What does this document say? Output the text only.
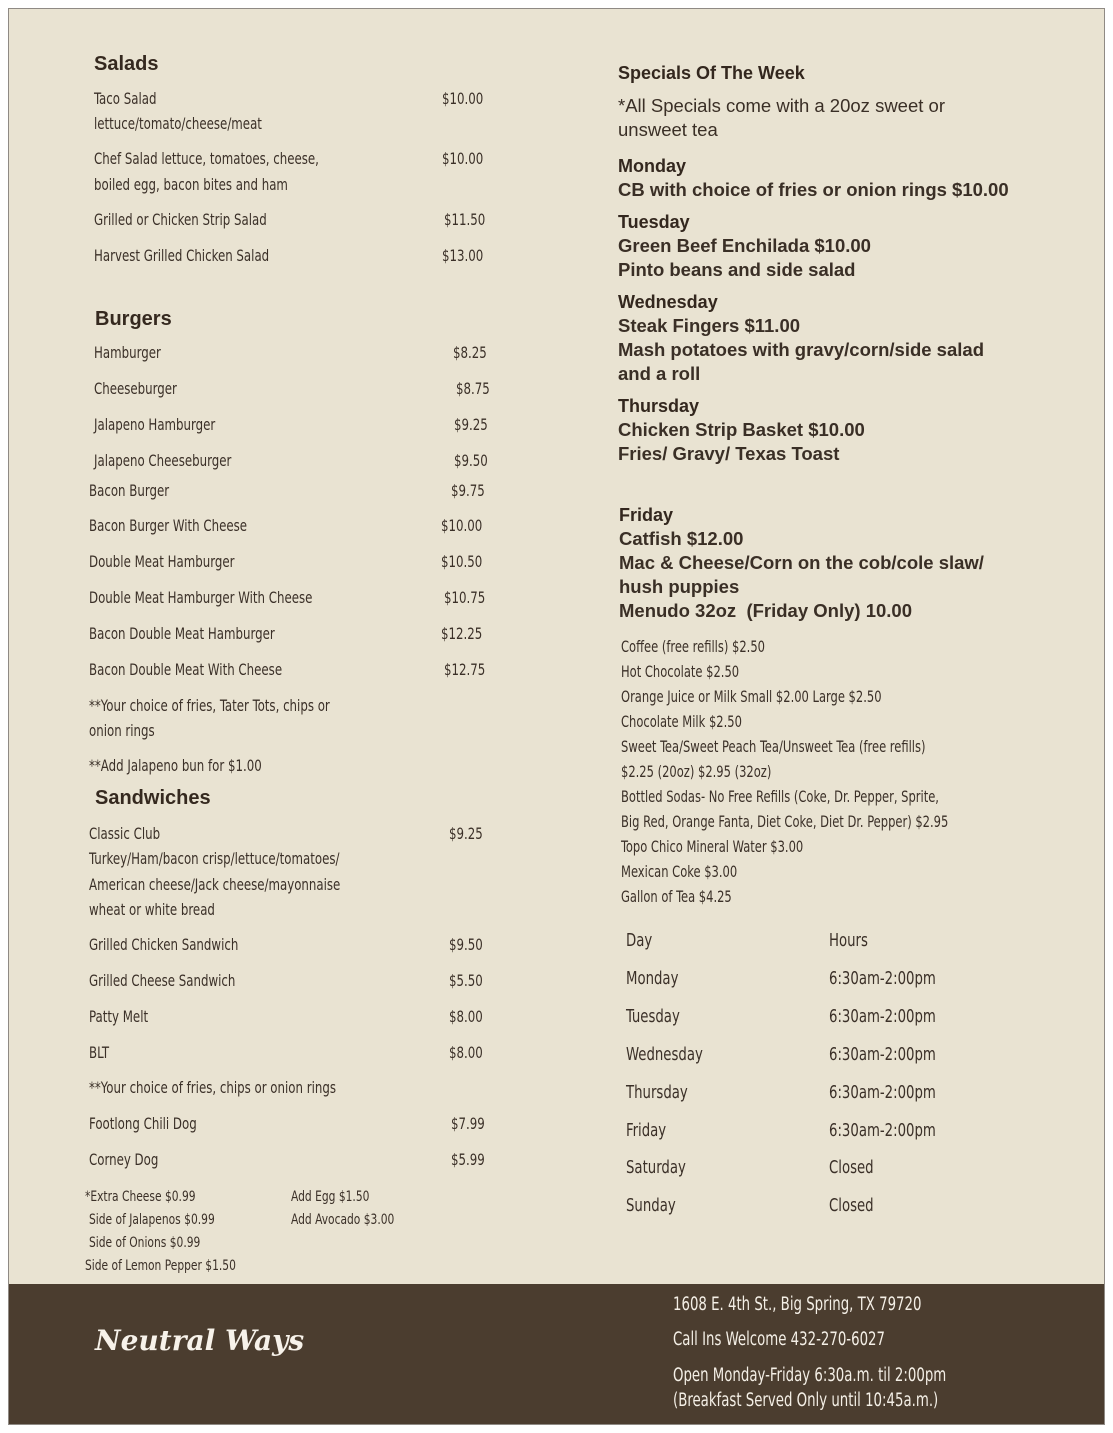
Salads
Taco Salad
lettuce/tomato/cheese/meat
$10.00
Chef Salad lettuce, tomatoes, cheese,
boiled egg, bacon bites and ham
$10.00
Grilled or Chicken Strip Salad	$11.50
Harvest Grilled Chicken Salad	$13.00
Burgers
Hamburger	$8.25
Cheeseburger	$8.75
Jalapeno Hamburger	$9.25
Jalapeno Cheeseburger	$9.50
Bacon Burger	$9.75
Bacon Burger With Cheese	$10.00
Double Meat Hamburger	$10.50
Double Meat Hamburger With Cheese	$10.75
Bacon Double Meat Hamburger	$12.25
Bacon Double Meat With Cheese	$12.75
**Your choice of fries, Tater Tots, chips or
onion rings
**Add Jalapeno bun for $1.00
Sandwiches
Classic Club	$9.25
Turkey/Ham/bacon crisp/lettuce/tomatoes/
American cheese/Jack cheese/mayonnaise
wheat or white bread
Grilled Chicken Sandwich	$9.50
Grilled Cheese Sandwich	$5.50
Patty Melt	$8.00
BLT	$8.00
**Your choice of fries, chips or onion rings
Footlong Chili Dog	$7.99
Corney Dog	$5.99
*Extra Cheese $0.99
Side of Jalapenos $0.99
Side of Onions $0.99
Side of Lemon Pepper $1.50
Add Egg $1.50
Add Avocado $3.00
Specials Of The Week
*All Specials come with a 20oz sweet or
unsweet tea
Monday
CB with choice of fries or onion rings $10.00
Tuesday
Green Beef Enchilada $10.00
Pinto beans and side salad
Wednesday
Steak Fingers $11.00
Mash potatoes with gravy/corn/side salad
and a roll
Thursday
Chicken Strip Basket $10.00
Fries/ Gravy/ Texas Toast
Friday
Catfish $12.00
Mac & Cheese/Corn on the cob/cole slaw/
hush puppies
Menudo 32oz  (Friday Only) 10.00
Coffee (free refills) $2.50
Hot Chocolate $2.50
Orange Juice or Milk Small $2.00 Large $2.50
Chocolate Milk $2.50
Sweet Tea/Sweet Peach Tea/Unsweet Tea (free refills)
$2.25 (20oz) $2.95 (32oz)
Bottled Sodas- No Free Refills (Coke, Dr. Pepper, Sprite,
Big Red, Orange Fanta, Diet Coke, Diet Dr. Pepper) $2.95
Topo Chico Mineral Water $3.00
Mexican Coke $3.00
Gallon of Tea $4.25
Day	Hours
Monday	6:30am-2:00pm
Tuesday	6:30am-2:00pm
Wednesday	6:30am-2:00pm
Thursday	6:30am-2:00pm
Friday	6:30am-2:00pm
Saturday	Closed
Sunday	Closed
Neutral Ways
1608 E. 4th St., Big Spring, TX 79720
Call Ins Welcome 432-270-6027
Open Monday-Friday 6:30a.m. til 2:00pm
(Breakfast Served Only until 10:45a.m.)
